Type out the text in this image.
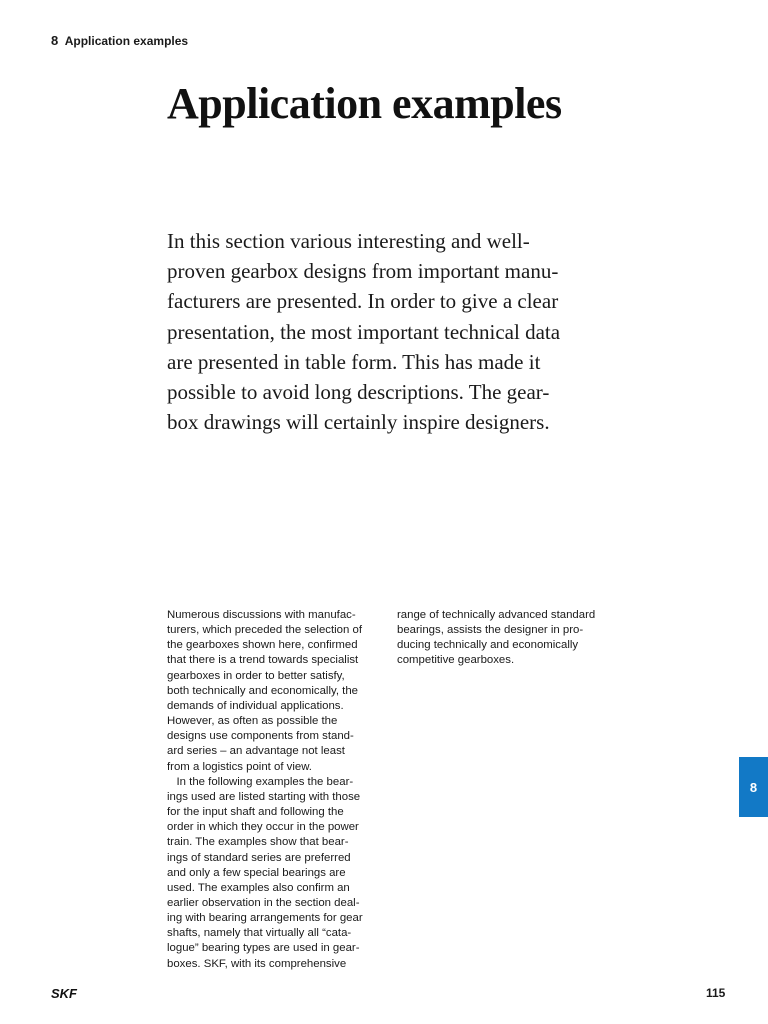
8 Application examples
Application examples
In this section various interesting and well-
proven gearbox designs from important manu-
facturers are presented. In order to give a clear
presentation, the most important technical data
are presented in table form. This has made it
possible to avoid long descriptions. The gear-
box drawings will certainly inspire designers.
Numerous discussions with manufac-
turers, which preceded the selection of
the gearboxes shown here, confirmed
that there is a trend towards specialist
gearboxes in order to better satisfy,
both technically and economically, the
demands of individual applications.
However, as often as possible the
designs use components from stand-
ard series – an advantage not least
from a logistics point of view.
In the following examples the bear-
ings used are listed starting with those
for the input shaft and following the
order in which they occur in the power
train. The examples show that bear-
ings of standard series are preferred
and only a few special bearings are
used. The examples also confirm an
earlier observation in the section deal-
ing with bearing arrangements for gear
shafts, namely that virtually all “cata-
logue” bearing types are used in gear-
boxes. SKF, with its comprehensive
range of technically advanced standard
bearings, assists the designer in pro-
ducing technically and economically
competitive gearboxes.
8
SKF	115
